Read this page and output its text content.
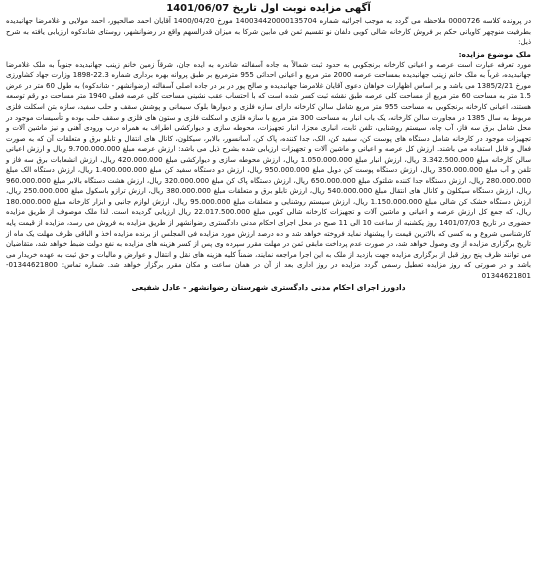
آگهی مزایده نوبت اول تاریخ 1401/06/07

در پرونده کلاسه 0000726 ملاحظه می گردد به موجب اجرائیه شماره 140034420000135704 مورخ 1400/04/20 آقایان احمد صالحپور، احمد مولایی و غلامرضا جهانبدیده بطرفیت منوچهر کاویانی حکم بر فروش کارخانه شالی کوبی دلفان نو تقسیم ثمن فی مابین شرکا به میزان قدرالسهم واقع در رضوانشهر، روستای شاندکوه ارزیابی یافته به شرح ذیل:

ملک موضوع مزایده:

مورد تعرفه عبارت است عرصه و اعیانی کارخانه برنجکوبی به حدود ثبت شمالاً به جاده آسفالته شاندره به ایده جان، شرقاً زمین خانم زینب جهانبدیده جنوباً به ملک غلامرضا جهانبدیده، غرباً به ملک خانم زینب جهانبدیده بمساحت عرصه 2000 متر مربع و اعیانی احداثی 955 مترمربع بر طبق پروانه بهره برداری شماره 22.3-1898 وزارت جهاد کشاورزی مورخ 1385/2/21 می باشد و بر اساس اظهارات خواهان دعوی آقایان غلامرضا جهانبدیده و صالح پور در بر در جاده اصلی آسفالته (رضوانشهر - شاندکوه) به طول 60 متر در عرض 1.5 متر به مساحت 60 متر مربع از مساحت کلی عرصه طبق نقشه ثبت کسر شده است که با احتساب عقب نشینی مساحت کلی عرصه فعلی 1940 متر مساحت دو رقم توسعه هستند، اعیانی کارخانه برنجکوبی به مساحت 955 متر مربع شامل سالن کارخانه دارای سازه فلزی و دیوارها بلوک سیمانی و پوشش سقف و حلب سفید، سازه بتن اسکلت فلزی مربوط به سال 1385 در مجاورت سالن کارخانه، یک باب انبار به مساحت 300 متر مربع با سازه فلزی و اسکلت فلزی و ستون های فلزی و سقف حلب بوده و تأسیسات موجود در محل شامل برق سه فاز، آب چاه، سیستم روشنایی، تلفن ثابت، انباری مجزا، انبار تجهیزات، محوطه سازی و دیوارکشی اطراف به همراه درب ورودی آهنی و نیز ماشین آلات و تجهیزات موجود در کارخانه شامل دستگاه های پوست کن، سفید کن، الک، جدا کننده، پاک کن، آسانسور، بالابر، سیکلون، کانال های انتقال و تابلو برق و متعلقات آن که به صورت فعال و قابل استفاده می باشند. ارزش کل عرصه و اعیانی و ماشین آلات و تجهیزات ارزیابی شده بشرح ذیل می باشد: ارزش عرصه مبلغ 9.700.000.000 ریال و ارزش اعیانی سالن کارخانه مبلغ 3.342.500.000 ریال، ارزش انبار مبلغ 1.050.000.000 ریال، ارزش محوطه سازی و دیوارکشی مبلغ 420.000.000 ریال، ارزش انشعابات برق سه فاز و تلفن و آب مبلغ 350.000.000 ریال، ارزش دستگاه پوست کن دوبل مبلغ 950.000.000 ریال، ارزش دو دستگاه سفید کن مبلغ 1.400.000.000 ریال، ارزش دستگاه الک مبلغ 280.000.000 ریال، ارزش دستگاه جدا کننده شلتوک مبلغ 650.000.000 ریال، ارزش دستگاه پاک کن مبلغ 320.000.000 ریال، ارزش هشت دستگاه بالابر مبلغ 960.000.000 ریال، ارزش دستگاه سیکلون و کانال های انتقال مبلغ 540.000.000 ریال، ارزش تابلو برق و متعلقات مبلغ 380.000.000 ریال، ارزش ترازو باسکول مبلغ 250.000.000 ریال، ارزش دستگاه خشک کن شالی مبلغ 1.150.000.000 ریال، ارزش سیستم روشنایی و متعلقات مبلغ 95.000.000 ریال، ارزش لوازم جانبی و ابزار کارخانه مبلغ 180.000.000 ریال، که جمع کل ارزش عرصه و اعیانی و ماشین آلات و تجهیزات کارخانه شالی کوبی مبلغ 22.017.500.000 ریال ارزیابی گردیده است. لذا ملک موصوف از طریق مزایده حضوری در تاریخ 1401/07/03 روز یکشنبه از ساعت 10 الی 11 صبح در محل اجرای احکام مدنی دادگستری رضوانشهر از طریق مزایده به فروش می رسد، مزایده از قیمت پایه کارشناسی شروع و به کسی که بالاترین قیمت را پیشنهاد نماید فروخته خواهد شد و ده درصد ارزش مورد مزایده فی المجلس از برنده مزایده اخذ و الباقی ظرف مهلت یک ماه از تاریخ برگزاری مزایده از وی وصول خواهد شد، در صورت عدم پرداخت مابقی ثمن در مهلت مقرر سپرده وی پس از کسر هزینه های مزایده به نفع دولت ضبط خواهد شد، متقاضیان می توانند ظرف پنج روز قبل از برگزاری مزایده جهت بازدید از ملک به این اجرا مراجعه نمایند، ضمناً کلیه هزینه های نقل و انتقال و عوارض و مالیات و حق ثبت به عهده خریدار می باشد و در صورتی که روز مزایده تعطیل رسمی گردد مزایده در روز اداری بعد از آن در همان ساعت و مکان مقرر برگزار خواهد شد. شماره تماس: 01344621800-01344621801

دادورز اجرای احکام مدنی دادگستری شهرستان رضوانشهر - عادل شفیعی
